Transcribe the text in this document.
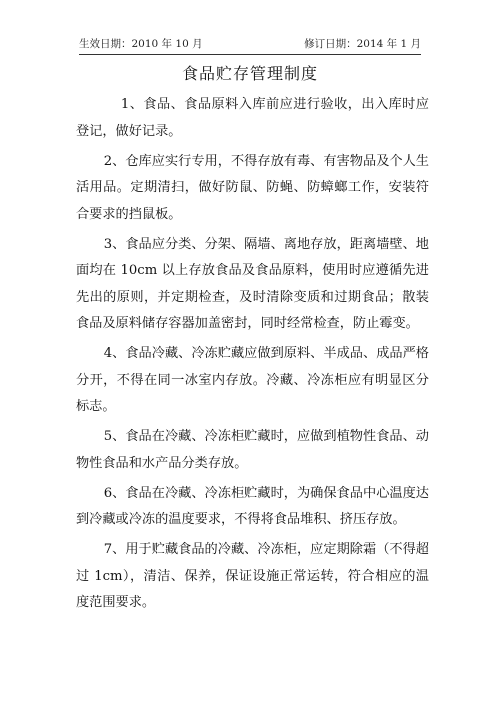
生效日期：2010 年 10 月	修订日期：2014 年 1 月
食品贮存管理制度

1、食品、食品原料入库前应进行验收，出入库时应登记，做好记录。

2、仓库应实行专用，不得存放有毒、有害物品及个人生活用品。定期清扫，做好防鼠、防蝇、防蟑螂工作，安装符合要求的挡鼠板。

3、食品应分类、分架、隔墙、离地存放，距离墙壁、地面均在 10cm 以上存放食品及食品原料，使用时应遵循先进先出的原则，并定期检查，及时清除变质和过期食品；散装食品及原料储存容器加盖密封，同时经常检查，防止霉变。

4、食品冷藏、冷冻贮藏应做到原料、半成品、成品严格分开，不得在同一冰室内存放。冷藏、冷冻柜应有明显区分标志。

5、食品在冷藏、冷冻柜贮藏时，应做到植物性食品、动物性食品和水产品分类存放。

6、食品在冷藏、冷冻柜贮藏时，为确保食品中心温度达到冷藏或冷冻的温度要求，不得将食品堆积、挤压存放。

7、用于贮藏食品的冷藏、冷冻柜，应定期除霜（不得超过 1cm），清洁、保养，保证设施正常运转，符合相应的温度范围要求。
